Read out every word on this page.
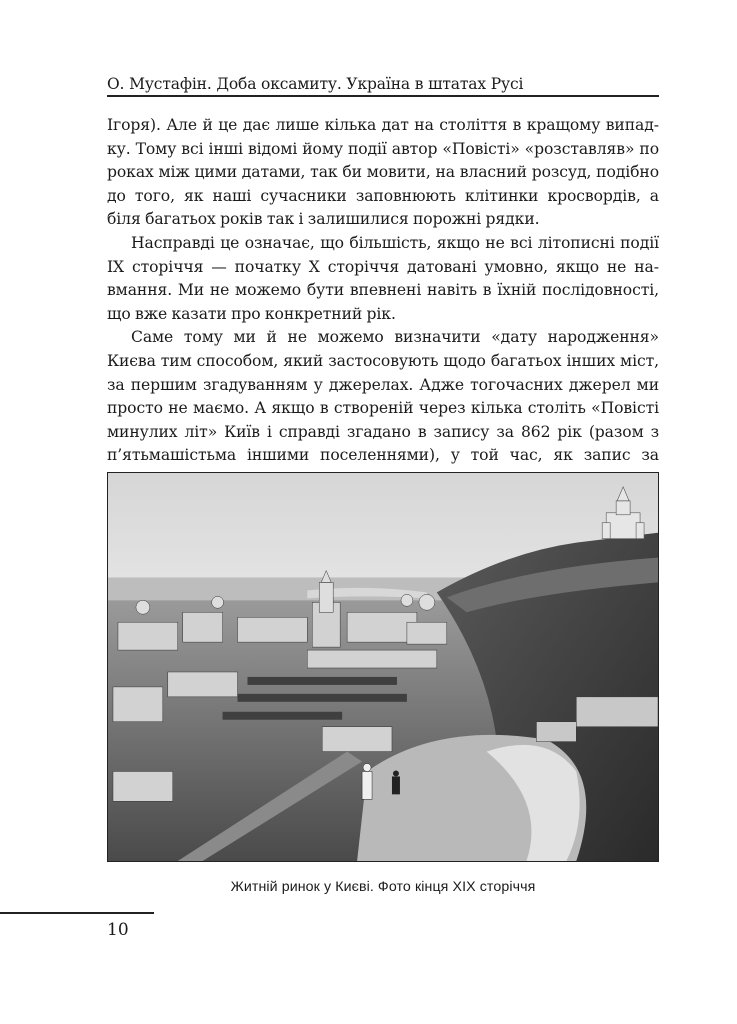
О. Мустафін. Доба оксамиту. Україна в штатах Русі

Ігоря). Але й це дає лише кілька дат на століття в кращому випадку. Тому всі інші відомі йому події автор «Повісті» «розставляв» по роках між цими датами, так би мовити, на власний розсуд, подібно до того, як наші сучасники заповнюють клітинки кросвордів, а біля багатьох років так і залишилися порожні рядки.

Насправді це означає, що більшість, якщо не всі літописні події IX сторіччя — початку X сторіччя датовані умовно, якщо не навмання. Ми не можемо бути впевнені навіть в їхній послідовності, що вже казати про конкретний рік.

Саме тому ми й не можемо визначити «дату народження» Києва тим способом, який застосовують щодо багатьох інших міст, за першим згадуванням у джерелах. Адже тогочасних джерел ми просто не маємо. А якщо в створеній через кілька століть «Повісті минулих літ» Київ і справді згадано в запису за 862 рік (разом з п’ятьмашістьма іншими поселеннями), у той час, як запис за

Житній ринок у Києві. Фото кінця XIX сторіччя
10
